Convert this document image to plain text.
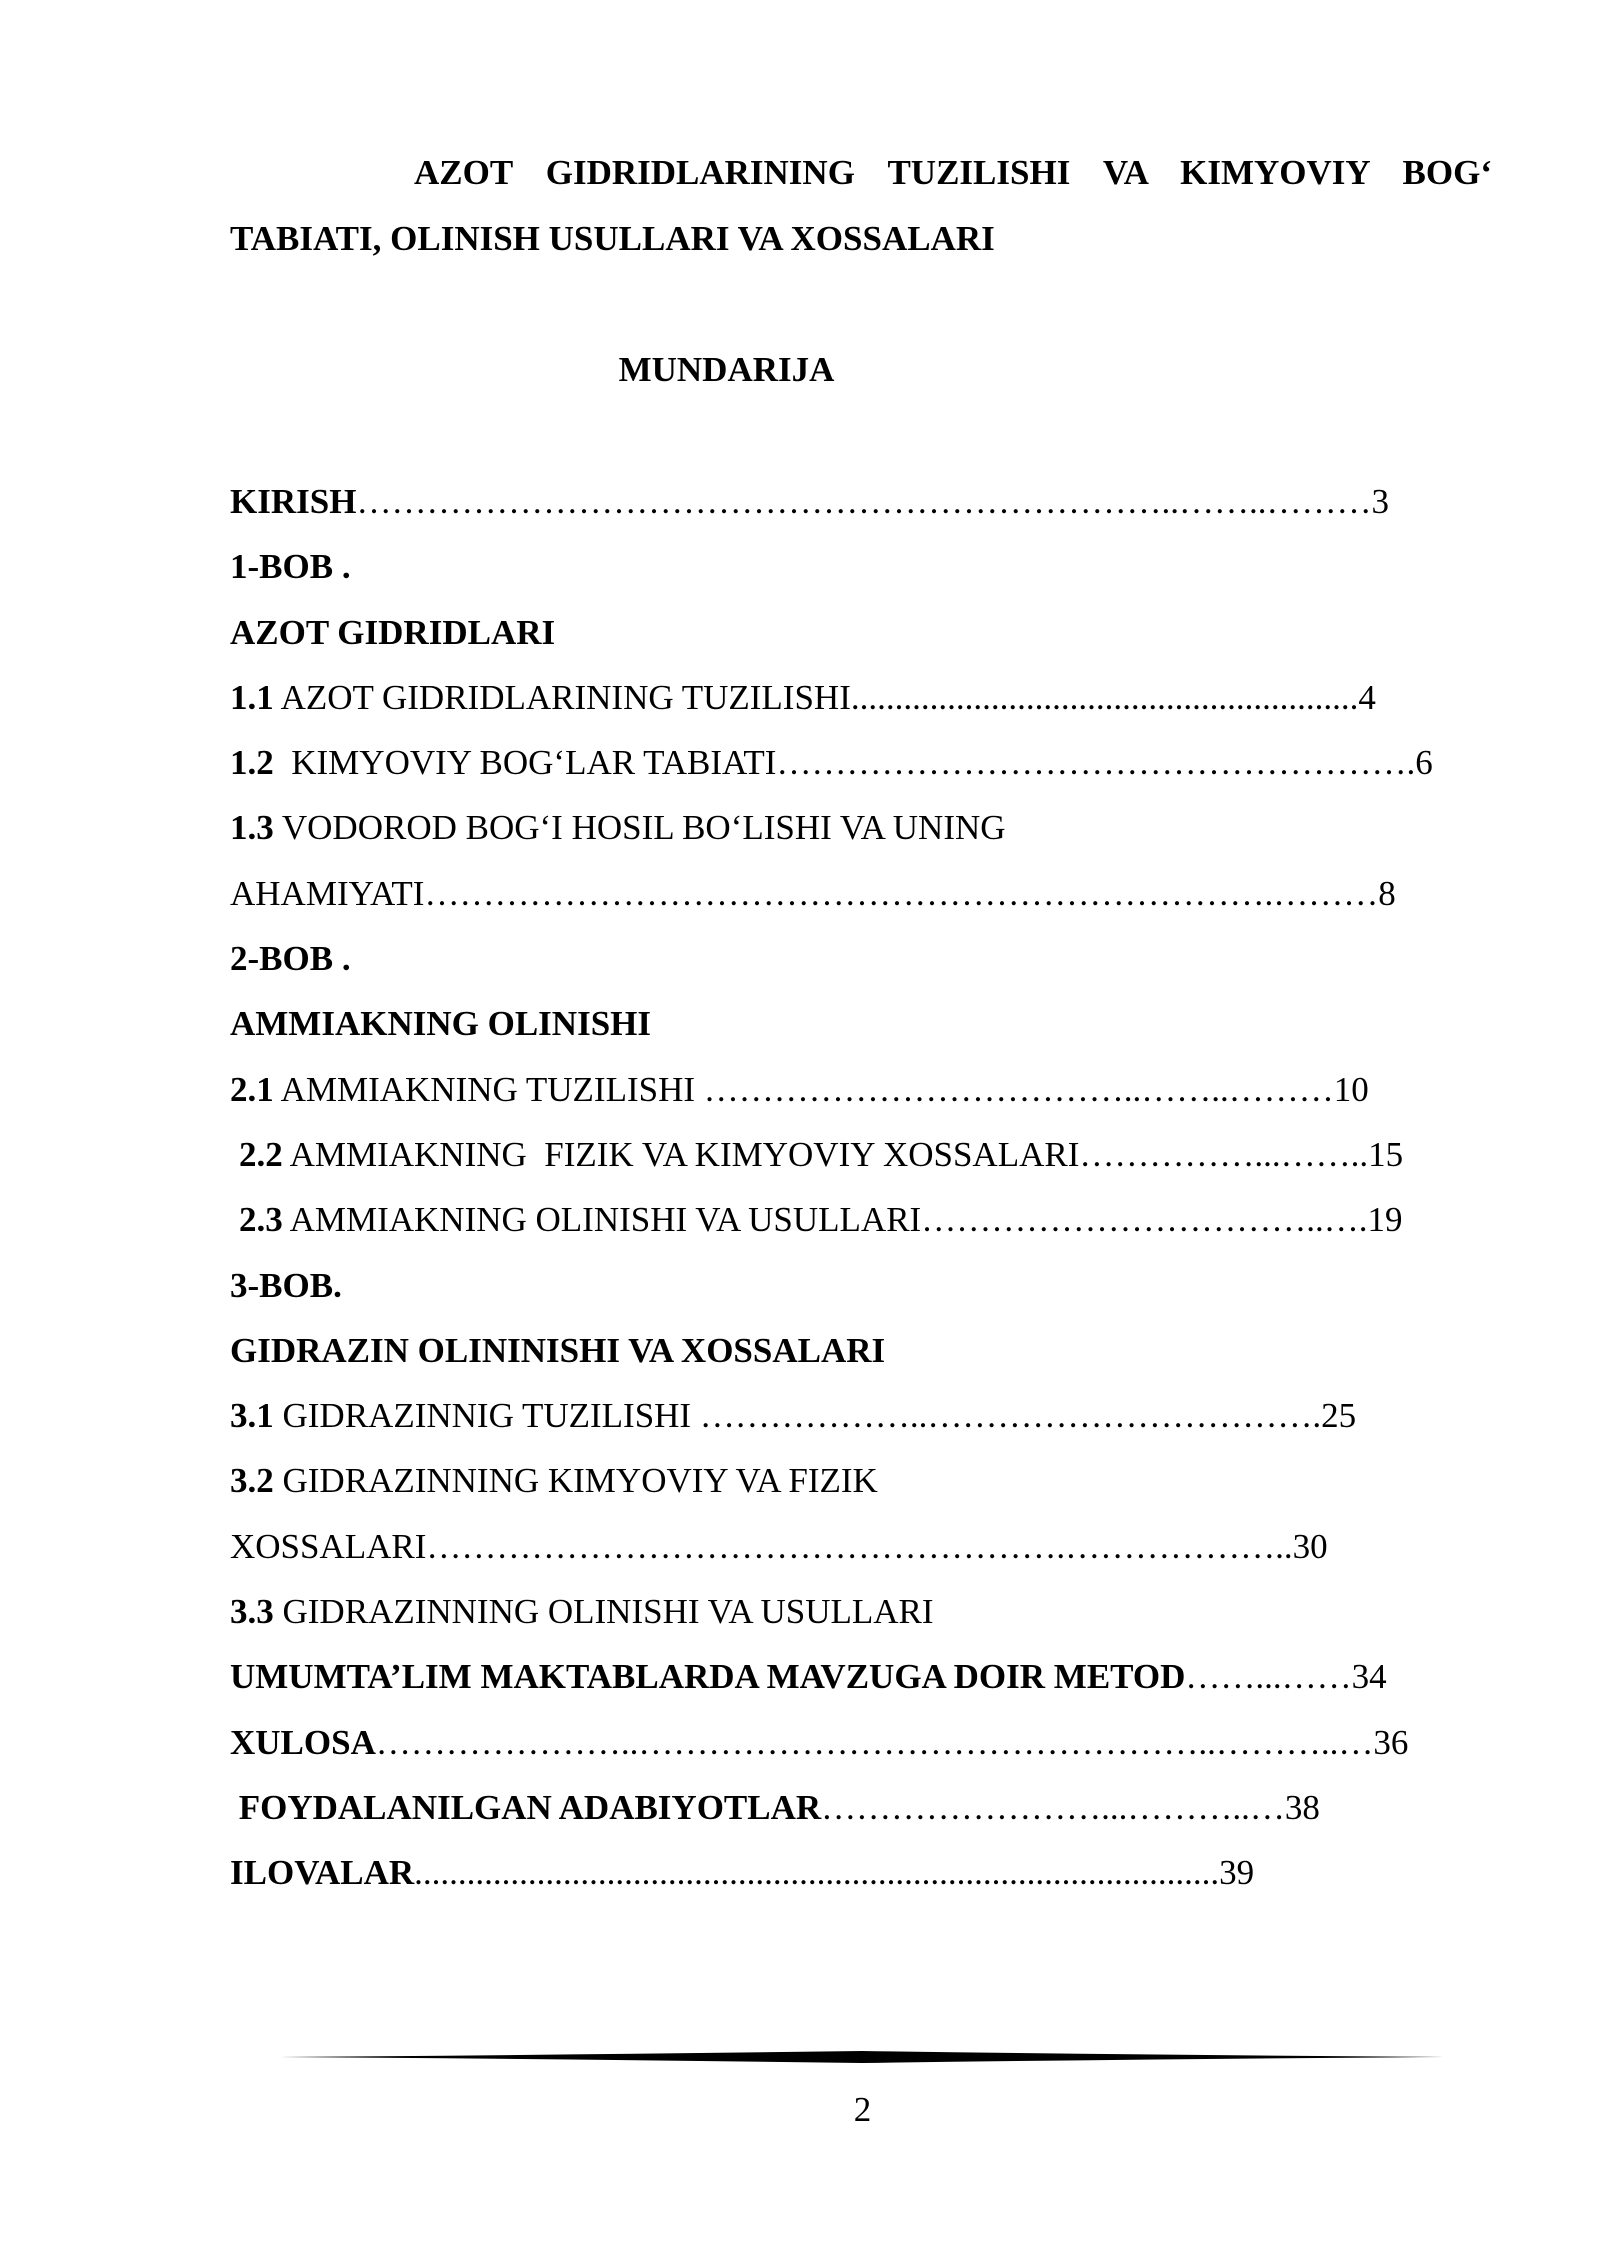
AZOT GIDRIDLARINING TUZILISHI VA KIMYOVIY BOG‘
TABIATI, OLINISH USULLARI VA XOSSALARI
MUNDARIJA
KIRISH……………………………………………………………..……..………3
1-BOB .
AZOT GIDRIDLARI
1.1 AZOT GIDRIDLARINING TUZILISHI..........................................................4
1.2  KIMYOVIY BOG‘LAR TABIATI……………………………………………….6
1.3 VODOROD BOG‘I HOSIL BO‘LISHI VA UNING
AHAMIYATI……………………………………………………………….………8
2-BOB .
AMMIAKNING OLINISHI
2.1 AMMIAKNING TUZILISHI ………………………………..……..………10
2.2 AMMIAKNING  FIZIK VA KIMYOVIY XOSSALARI……………...……..15
2.3 AMMIAKNING OLINISHI VA USULLARI……………………………..….19
3-BOB.
GIDRAZIN OLININISHI VA XOSSALARI
3.1 GIDRAZINNIG TUZILISHI ………………..…………………………….25
3.2 GIDRAZINNING KIMYOVIY VA FIZIK
XOSSALARI……………………………………………….………………..30
3.3 GIDRAZINNING OLINISHI VA USULLARI
UMUMTA’LIM MAKTABLARDA MAVZUGA DOIR METOD……...……34
XULOSA…………………..…………………………………………..………..…36
FOYDALANILGAN ADABIYOTLAR……………………...………..…38
ILOVALAR............................................................................................39
2
